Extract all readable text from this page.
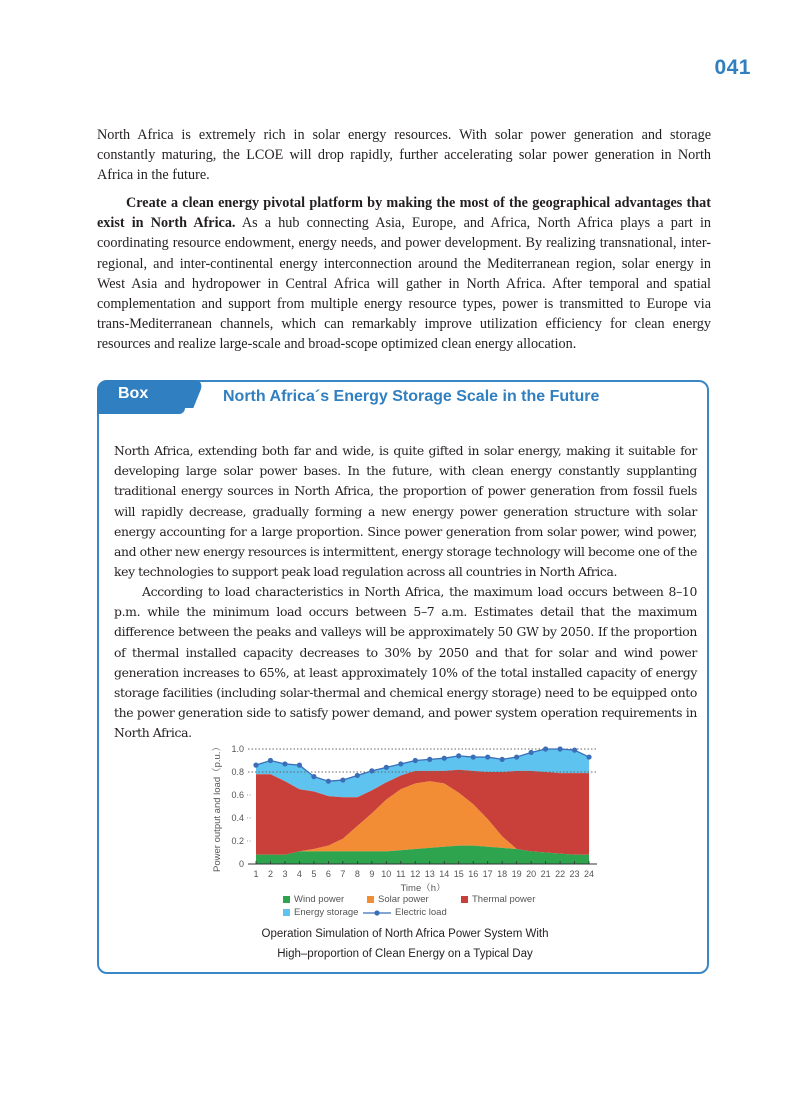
041

North Africa is extremely rich in solar energy resources. With solar power generation and storage constantly maturing, the LCOE will drop rapidly, further accelerating solar power generation in North Africa in the future.

Create a clean energy pivotal platform by making the most of the geographical advantages that exist in North Africa. As a hub connecting Asia, Europe, and Africa, North Africa plays a part in coordinating resource endowment, energy needs, and power development. By realizing transnational, inter-regional, and inter-continental energy interconnection around the Mediterranean region, solar energy in West Asia and hydropower in Central Africa will gather in North Africa. After temporal and spatial complementation and support from multiple energy resource types, power is transmitted to Europe via trans-Mediterranean channels, which can remarkably improve utilization efficiency for clean energy resources and realize large-scale and broad-scope optimized clean energy allocation.

Box	North Africa´s Energy Storage Scale in the Future

North Africa, extending both far and wide, is quite gifted in solar energy, making it suitable for developing large solar power bases. In the future, with clean energy constantly supplanting traditional energy sources in North Africa, the proportion of power generation from fossil fuels will rapidly decrease, gradually forming a new energy power generation structure with solar energy accounting for a large proportion. Since power generation from solar power, wind power, and other new energy resources is intermittent, energy storage technology will become one of the key technologies to support peak load regulation across all countries in North Africa.

According to load characteristics in North Africa, the maximum load occurs between 8–10 p.m. while the minimum load occurs between 5–7 a.m. Estimates detail that the maximum difference between the peaks and valleys will be approximately 50 GW by 2050. If the proportion of thermal installed capacity decreases to 30% by 2050 and that for solar and wind power generation increases to 65%, at least approximately 10% of the total installed capacity of energy storage facilities (including solar-thermal and chemical energy storage) need to be equipped onto the power generation side to satisfy power demand, and power system operation requirements in North Africa.

0
0.2
0.4
0.6
0.8
1.0
1 2 3 4 5 6 7 8 9 10 11 12 13 14 15 16 17 18 19 20 21 22 23 24
Power output and load（p.u.）
Time（h）
Wind power	Solar power	Thermal power
Energy storage	Electric load
Operation Simulation of North Africa Power System With
High–proportion of Clean Energy on a Typical Day
